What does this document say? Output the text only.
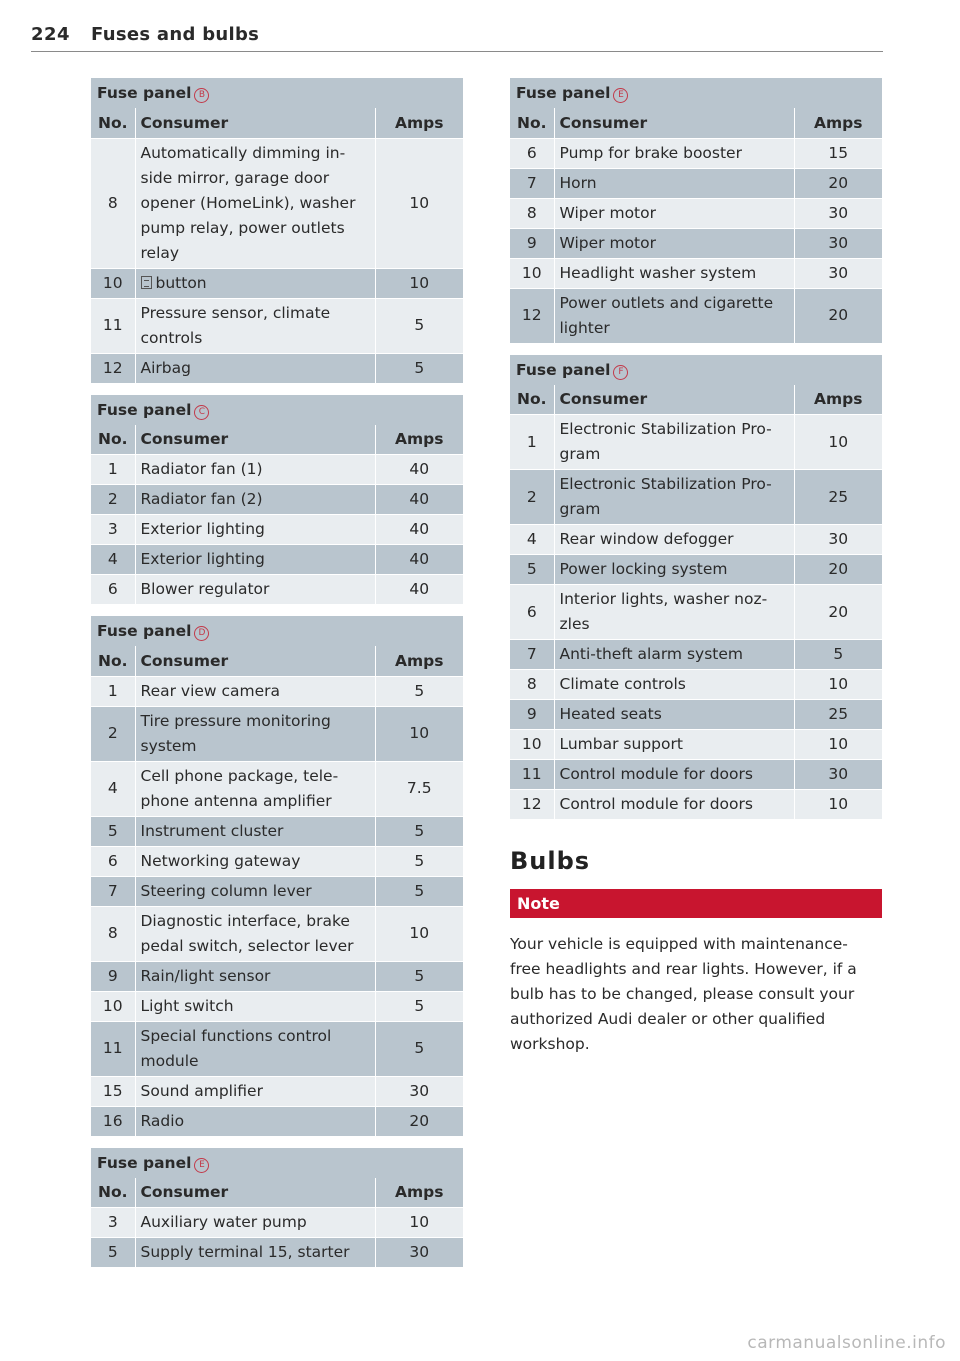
224 Fuses and bulbs
Fuse panel B
No.	Consumer	Amps
8	Automatically dimming in-
side mirror, garage door
opener (HomeLink), washer
pump relay, power outlets
relay	10
10	button	10
11	Pressure sensor, climate
controls	5
12	Airbag	5
Fuse panel C
No.	Consumer	Amps
1	Radiator fan (1)	40
2	Radiator fan (2)	40
3	Exterior lighting	40
4	Exterior lighting	40
6	Blower regulator	40
Fuse panel D
No.	Consumer	Amps
1	Rear view camera	5
2	Tire pressure monitoring
system	10
4	Cell phone package, tele-
phone antenna amplifier	7.5
5	Instrument cluster	5
6	Networking gateway	5
7	Steering column lever	5
8	Diagnostic interface, brake
pedal switch, selector lever	10
9	Rain/light sensor	5
10	Light switch	5
11	Special functions control
module	5
15	Sound amplifier	30
16	Radio	20
Fuse panel E
No.	Consumer	Amps
3	Auxiliary water pump	10
5	Supply terminal 15, starter	30
Fuse panel E
No.	Consumer	Amps
6	Pump for brake booster	15
7	Horn	20
8	Wiper motor	30
9	Wiper motor	30
10	Headlight washer system	30
12	Power outlets and cigarette
lighter	20
Fuse panel F
No.	Consumer	Amps
1	Electronic Stabilization Pro-
gram	10
2	Electronic Stabilization Pro-
gram	25
4	Rear window defogger	30
5	Power locking system	20
6	Interior lights, washer noz-
zles	20
7	Anti-theft alarm system	5
8	Climate controls	10
9	Heated seats	25
10	Lumbar support	10
11	Control module for doors	30
12	Control module for doors	10
Bulbs
Note
Your vehicle is equipped with maintenance-
free headlights and rear lights. However, if a
bulb has to be changed, please consult your
authorized Audi dealer or other qualified
workshop.
carmanualsonline.info
